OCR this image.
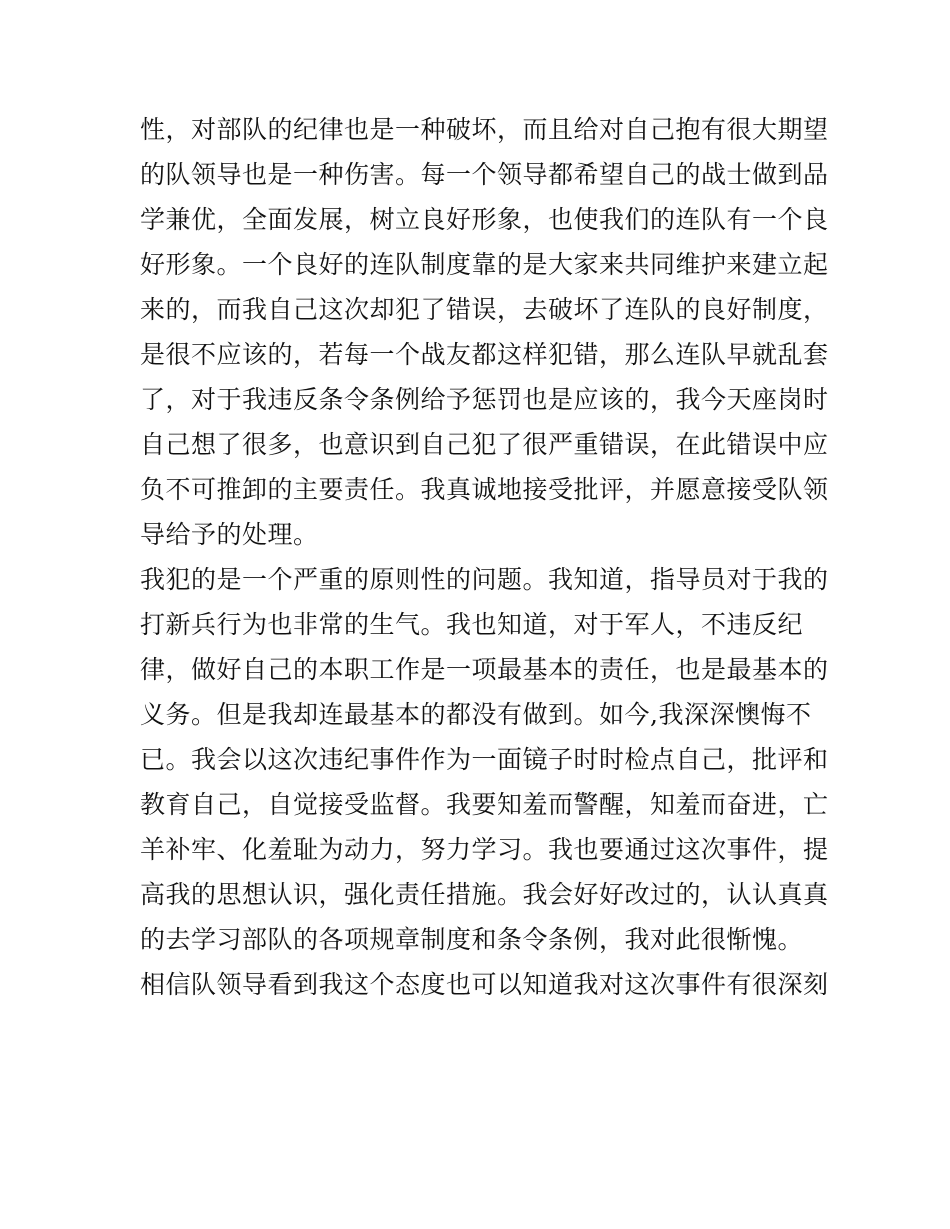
性，对部队的纪律也是一种破坏，而且给对自己抱有很大期望
的队领导也是一种伤害。每一个领导都希望自己的战士做到品
学兼优，全面发展，树立良好形象，也使我们的连队有一个良
好形象。一个良好的连队制度靠的是大家来共同维护来建立起
来的，而我自己这次却犯了错误，去破坏了连队的良好制度，
是很不应该的，若每一个战友都这样犯错，那么连队早就乱套
了，对于我违反条令条例给予惩罚也是应该的，我今天座岗时
自己想了很多，也意识到自己犯了很严重错误，在此错误中应
负不可推卸的主要责任。我真诚地接受批评，并愿意接受队领
导给予的处理。
我犯的是一个严重的原则性的问题。我知道，指导员对于我的
打新兵行为也非常的生气。我也知道，对于军人，不违反纪
律，做好自己的本职工作是一项最基本的责任，也是最基本的
义务。但是我却连最基本的都没有做到。如今,我深深懊悔不
已。我会以这次违纪事件作为一面镜子时时检点自己，批评和
教育自己，自觉接受监督。我要知羞而警醒，知羞而奋进，亡
羊补牢、化羞耻为动力，努力学习。我也要通过这次事件，提
高我的思想认识，强化责任措施。我会好好改过的，认认真真
的去学习部队的各项规章制度和条令条例，我对此很惭愧。
相信队领导看到我这个态度也可以知道我对这次事件有很深刻
